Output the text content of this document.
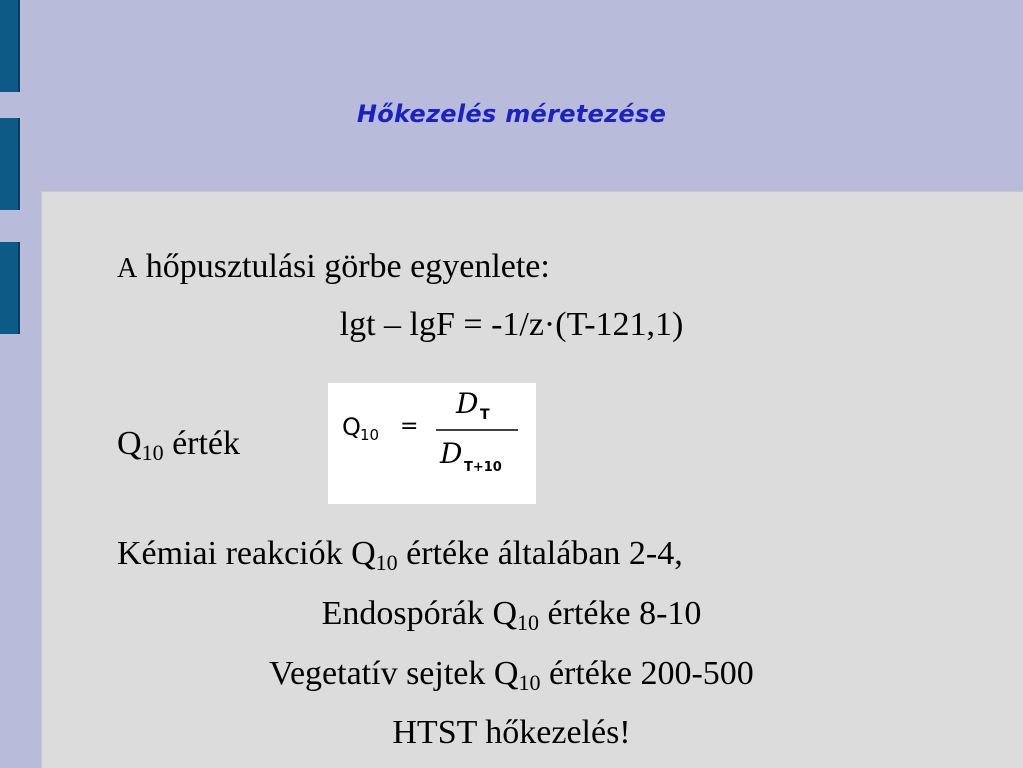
Hőkezelés méretezése
A hőpusztulási görbe egyenlete:
lgt – lgF = -1/z·(T-121,1)
$Q_{10}$ érték	Q 10 =
D T
D T+10
Kémiai reakciók $Q_{10}$ értéke általában 2-4,
Endospórák $Q_{10}$ értéke 8-10
Vegetatív sejtek $Q_{10}$ értéke 200-500
HTST hőkezelés!
